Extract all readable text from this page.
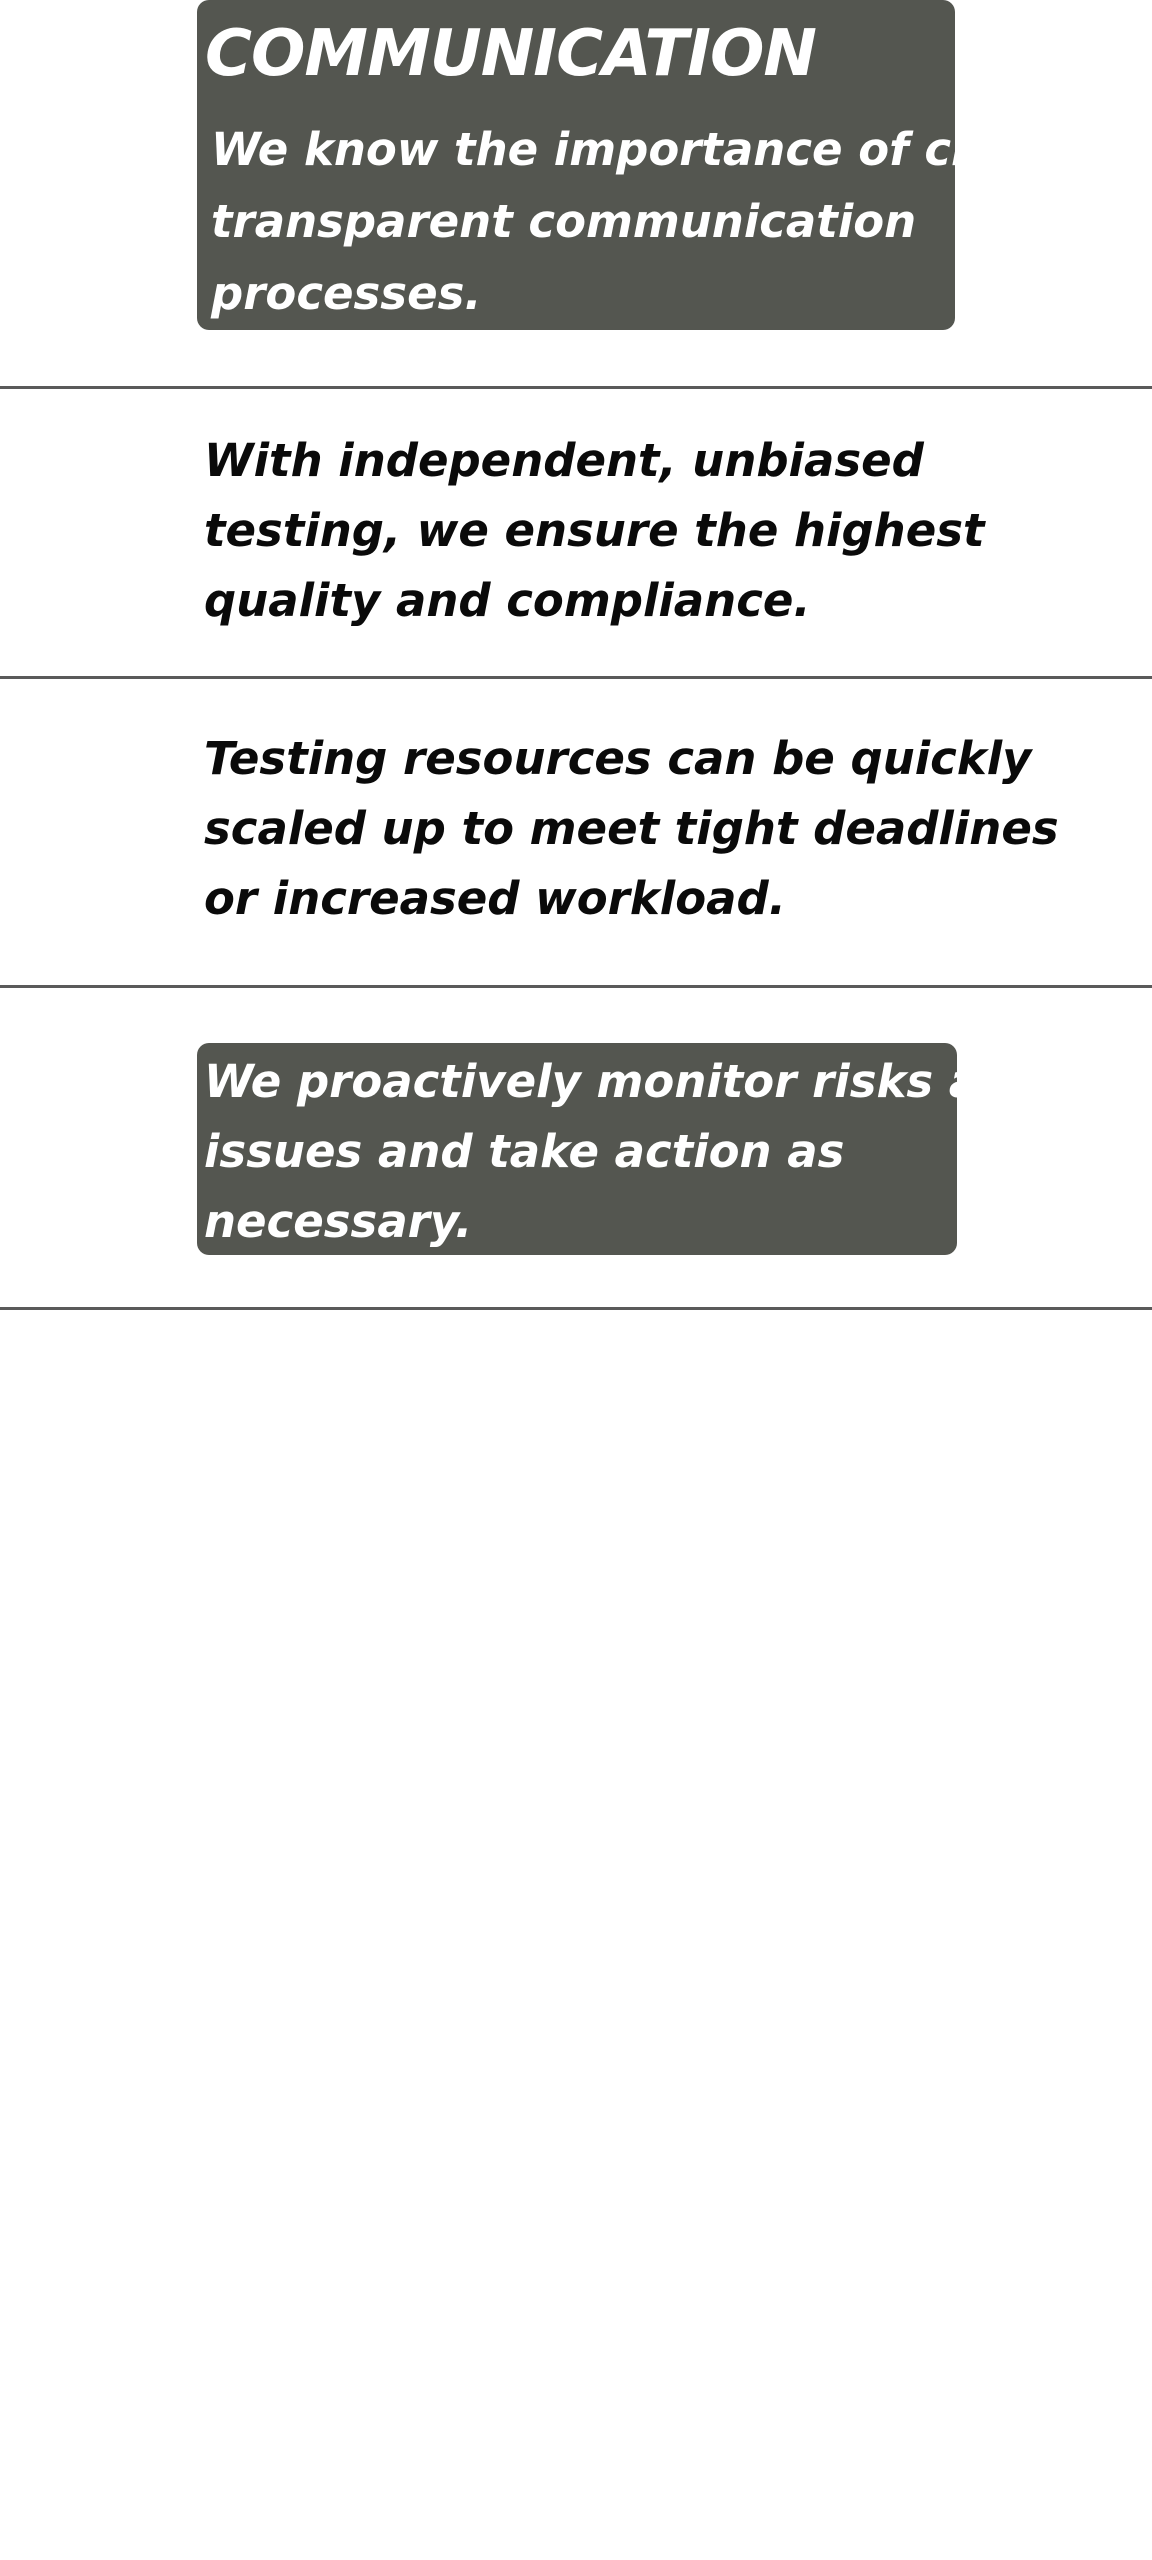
COMMUNICATION
We know the importance of clear,
transparent communication
processes.
With independent, unbiased
testing, we ensure the highest
quality and compliance.
Testing resources can be quickly
scaled up to meet tight deadlines
or increased workload.
We proactively monitor risks and
issues and take action as
necessary.
